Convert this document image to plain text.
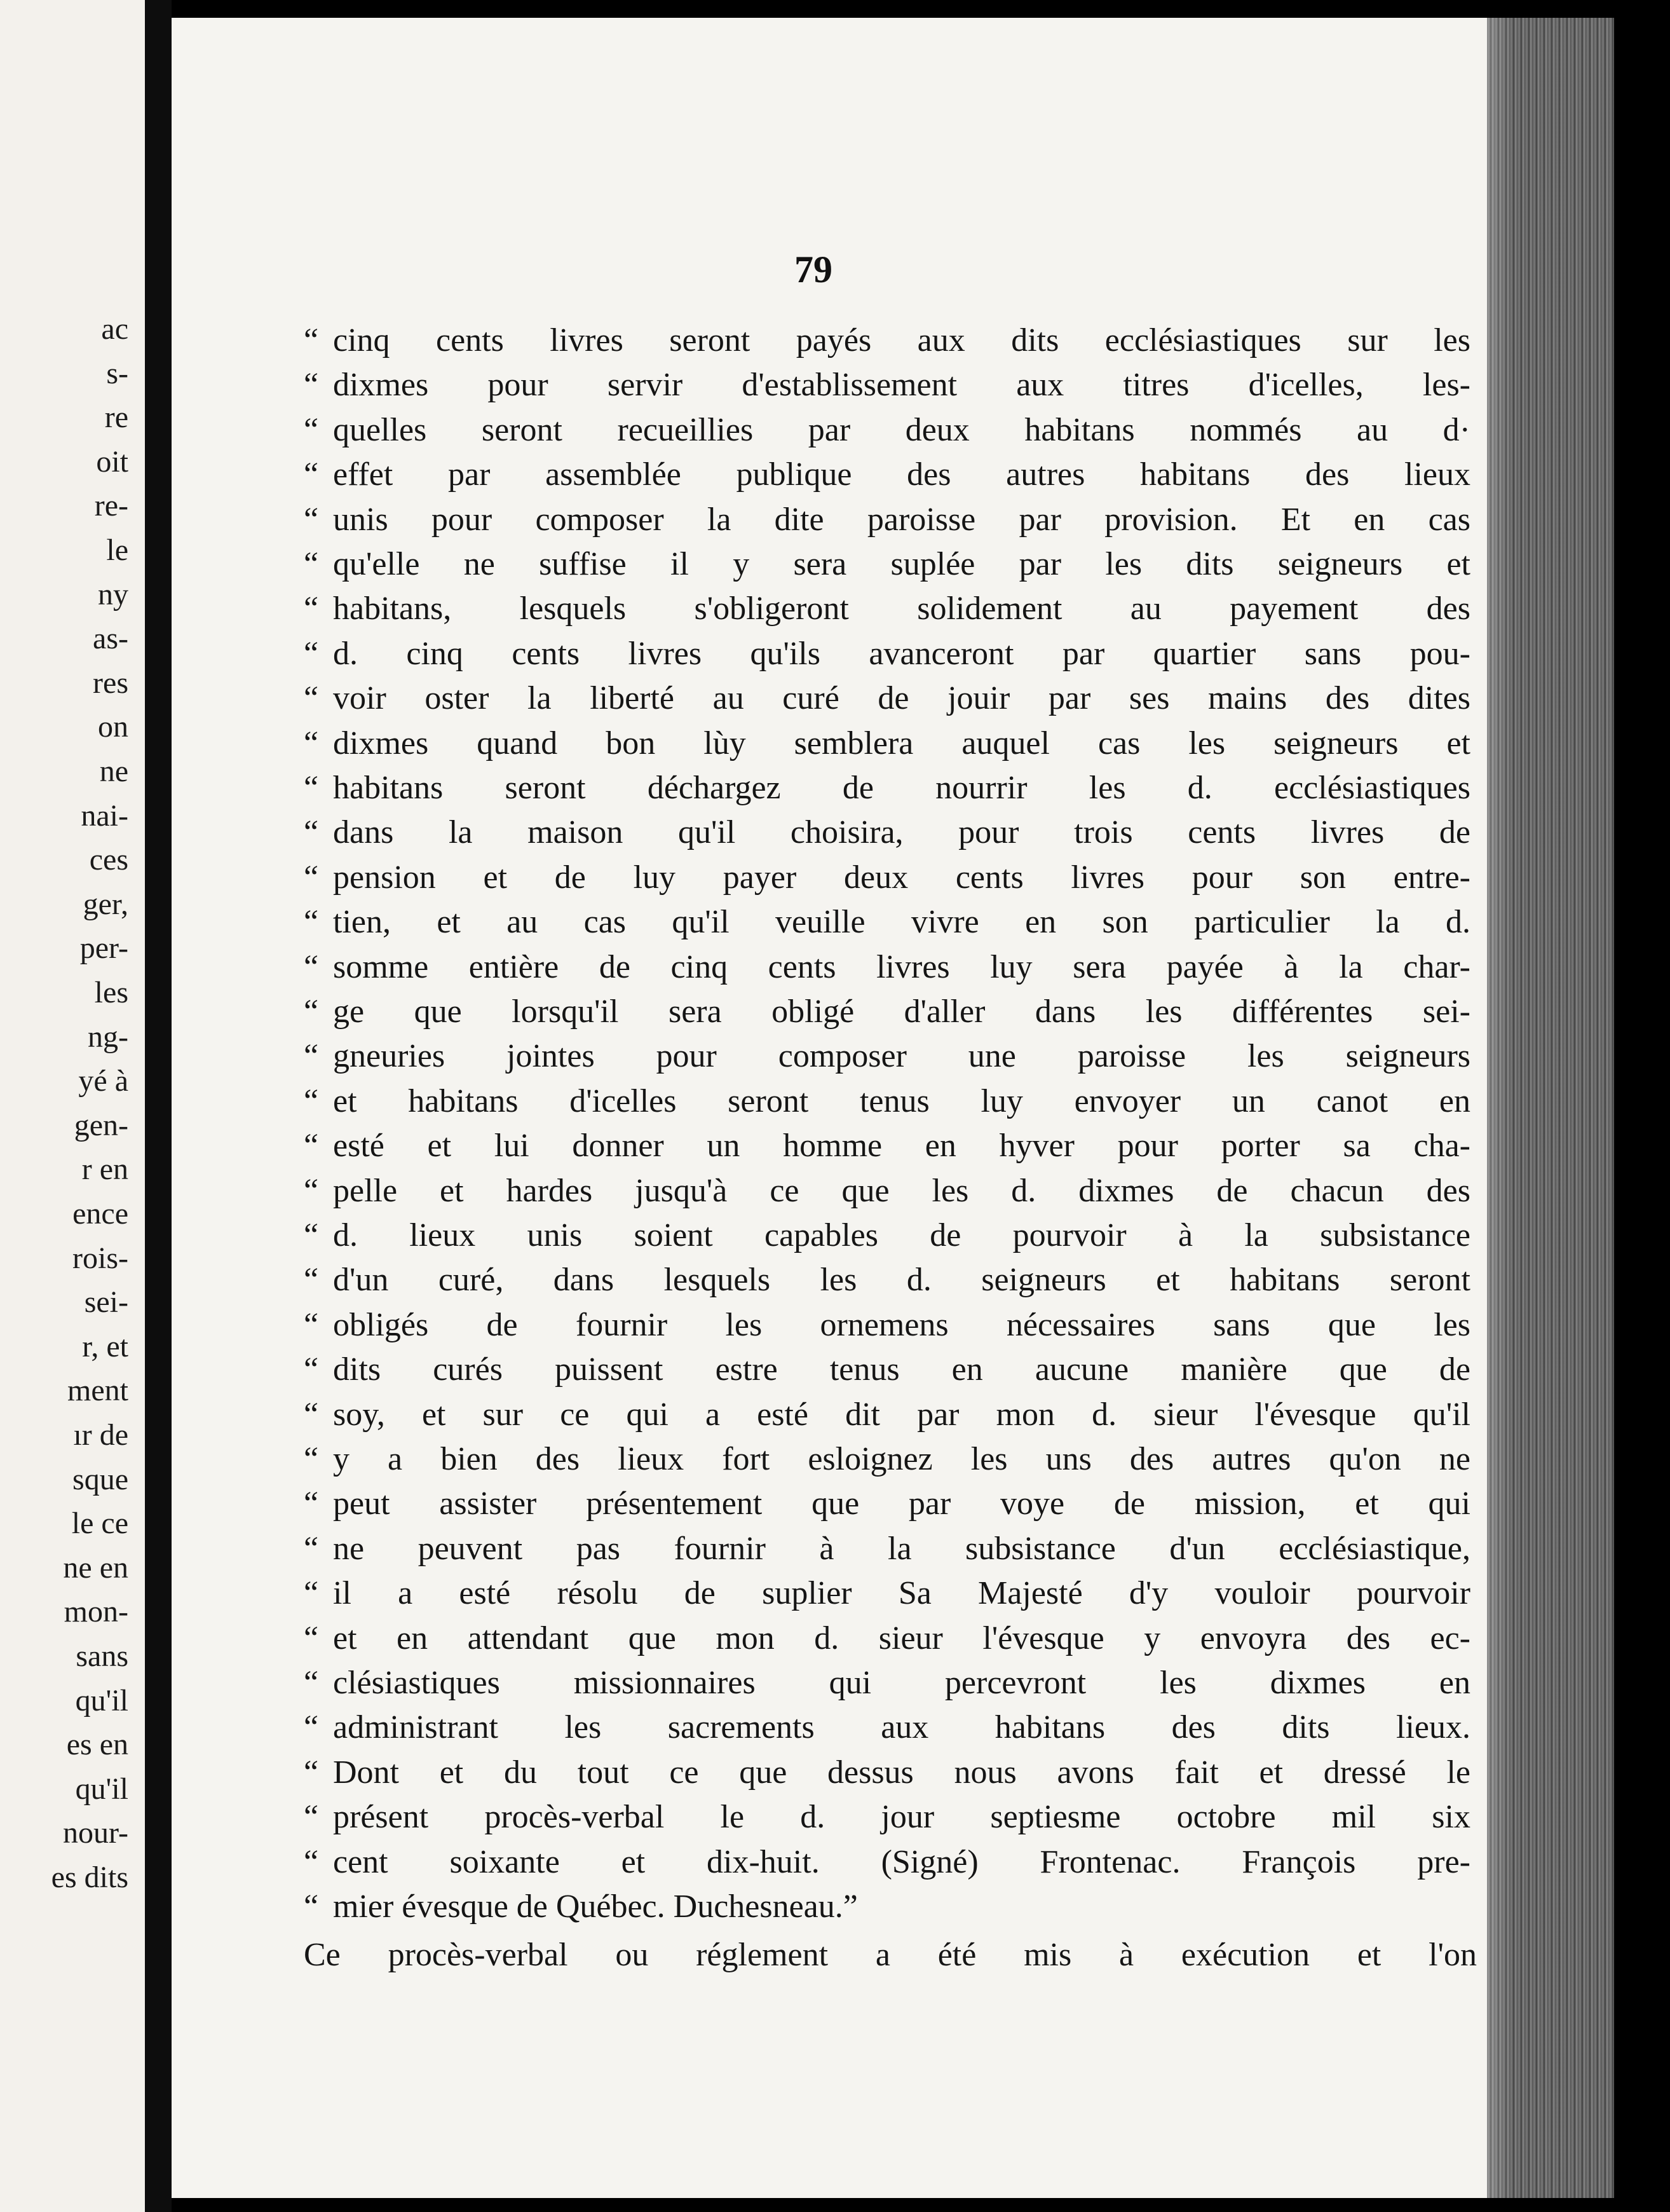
ac
s-
re
oit
re-
le
ny
as-
res
on
ne
nai-
ces
ger,
per-
les
ng-
yé à
gen-
r en
ence
rois-
sei-
r, et
ment
ır de
sque
le ce
ne en
mon-
sans
qu'il
es en
qu'il
nour-
es dits
79
“ cinq cents livres seront payés aux dits ecclésiastiques sur les
“ dixmes pour servir d'establissement aux titres d'icelles, les-
“ quelles seront recueillies par deux habitans nommés au d·
“ effet par assemblée publique des autres habitans des lieux
“ unis pour composer la dite paroisse par provision. Et en cas
“ qu'elle ne suffise il y sera suplée par les dits seigneurs et
“ habitans, lesquels s'obligeront solidement au payement des
“ d. cinq cents livres qu'ils avanceront par quartier sans pou-
“ voir oster la liberté au curé de jouir par ses mains des dites
“ dixmes quand bon lùy semblera auquel cas les seigneurs et
“ habitans seront déchargez de nourrir les d. ecclésiastiques
“ dans la maison qu'il choisira, pour trois cents livres de
“ pension et de luy payer deux cents livres pour son entre-
“ tien, et au cas qu'il veuille vivre en son particulier la d.
“ somme entière de cinq cents livres luy sera payée à la char-
“ ge que lorsqu'il sera obligé d'aller dans les différentes sei-
“ gneuries jointes pour composer une paroisse les seigneurs
“ et habitans d'icelles seront tenus luy envoyer un canot en
“ esté et lui donner un homme en hyver pour porter sa cha-
“ pelle et hardes jusqu'à ce que les d. dixmes de chacun des
“ d. lieux unis soient capables de pourvoir à la subsistance
“ d'un curé, dans lesquels les d. seigneurs et habitans seront
“ obligés de fournir les ornemens nécessaires sans que les
“ dits curés puissent estre tenus en aucune manière que de
“ soy, et sur ce qui a esté dit par mon d. sieur l'évesque qu'il
“ y a bien des lieux fort esloignez les uns des autres qu'on ne
“ peut assister présentement que par voye de mission, et qui
“ ne peuvent pas fournir à la subsistance d'un ecclésiastique,
“ il a esté résolu de suplier Sa Majesté d'y vouloir pourvoir
“ et en attendant que mon d. sieur l'évesque y envoyra des ec-
“ clésiastiques missionnaires qui percevront les dixmes en
“ administrant les sacrements aux habitans des dits lieux.
“ Dont et du tout ce que dessus nous avons fait et dressé le
“ présent procès-verbal le d. jour septiesme octobre mil six
“ cent soixante et dix-huit. (Signé) Frontenac. François pre-
“ mier évesque de Québec. Duchesneau.”
Ce procès-verbal ou réglement a été mis à exécution et l'on
